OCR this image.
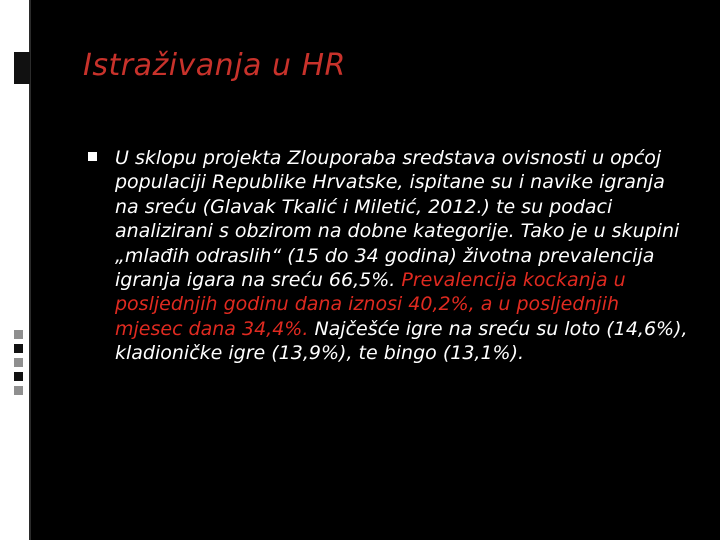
Istraživanja u HR
U sklopu projekta Zlouporaba sredstava ovisnosti u općoj populaciji Republike Hrvatske, ispitane su i navike igranja na sreću (Glavak Tkalić i Miletić, 2012.) te su podaci analizirani s obzirom na dobne kategorije. Tako je u skupini „mlađih odraslih“ (15 do 34 godina) životna prevalencija igranja igara na sreću 66,5%. Prevalencija kockanja u posljednjih godinu dana iznosi 40,2%, a u posljednjih mjesec dana 34,4%. Najčešće igre na sreću su loto (14,6%), kladioničke igre (13,9%), te bingo (13,1%).
